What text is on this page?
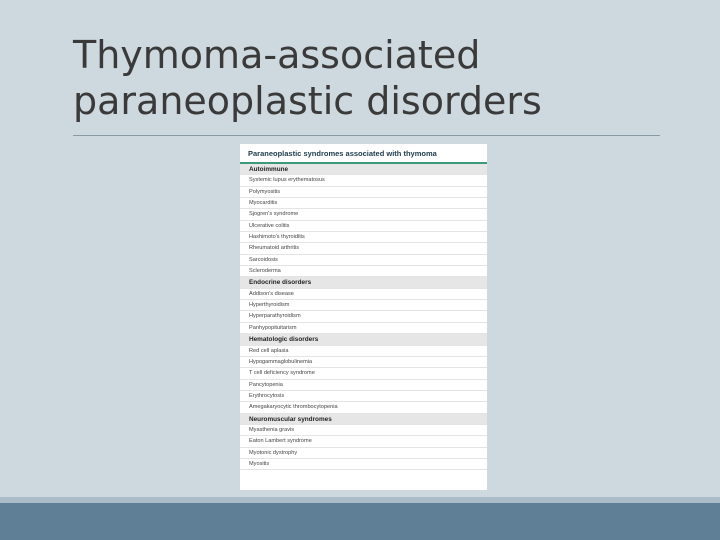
Thymoma-associated
paraneoplastic disorders
Paraneoplastic syndromes associated with thymoma
Autoimmune
Systemic lupus erythematosus
Polymyositis
Myocarditis
Sjogren's syndrome
Ulcerative colitis
Hashimoto's thyroiditis
Rheumatoid arthritis
Sarcoidosis
Scleroderma
Endocrine disorders
Addison's disease
Hyperthyroidism
Hyperparathyroidism
Panhypopituitarism
Hematologic disorders
Red cell aplasia
Hypogammaglobulinemia
T cell deficiency syndrome
Pancytopenia
Erythrocytosis
Amegakaryocytic thrombocytopenia
Neuromuscular syndromes
Myasthenia gravis
Eaton Lambert syndrome
Myotonic dystrophy
Myositis
